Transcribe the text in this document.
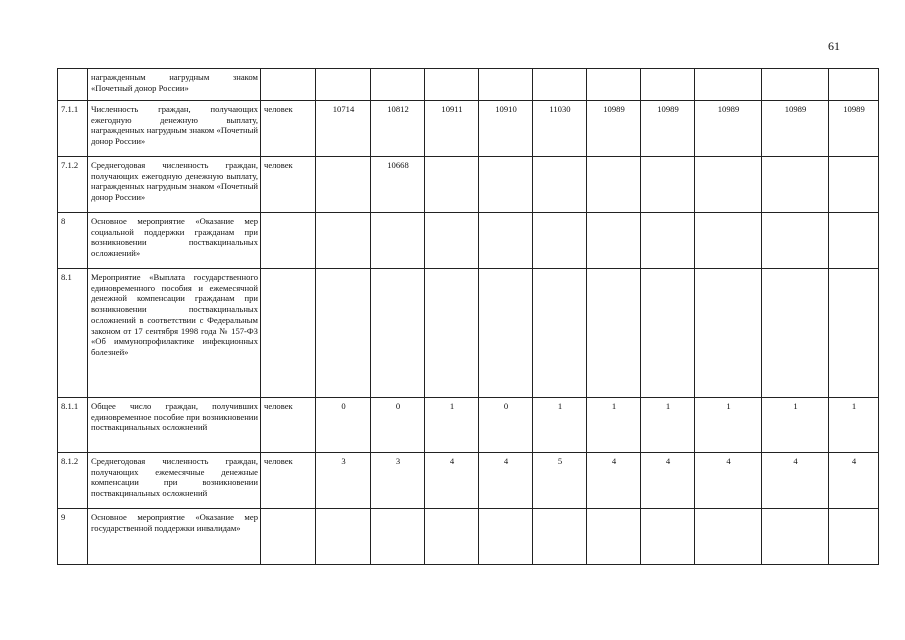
61
	награжденным нагрудным знаком «Почетный донор России»											
7.1.1	Численность граждан, получающих ежегодную денежную выплату, награжденных нагрудным знаком «Почетный донор России»	человек	10714	10812	10911	10910	11030	10989	10989	10989	10989	10989
7.1.2	Среднегодовая численность граждан, получающих ежегодную денежную выплату, награжденных нагрудным знаком «Почетный донор России»	человек		10668								
8	Основное мероприятие «Оказание мер социальной поддержки гражданам при возникновении поствакцинальных осложнений»											
8.1	Мероприятие «Выплата государственного единовременного пособия и ежемесячной денежной компенсации гражданам при возникновении поствакцинальных осложнений в соответствии с Федеральным законом от 17 сентября 1998 года № 157-ФЗ «Об иммунопрофилактике инфекционных болезней»											
8.1.1	Общее число граждан, получивших единовременное пособие при возникновении поствакцинальных осложнений	человек	0	0	1	0	1	1	1	1	1	1
8.1.2	Среднегодовая численность граждан, получающих ежемесячные денежные компенсации при возникновении поствакцинальных осложнений	человек	3	3	4	4	5	4	4	4	4	4
9	Основное мероприятие «Оказание мер государственной поддержки инвалидам»											
